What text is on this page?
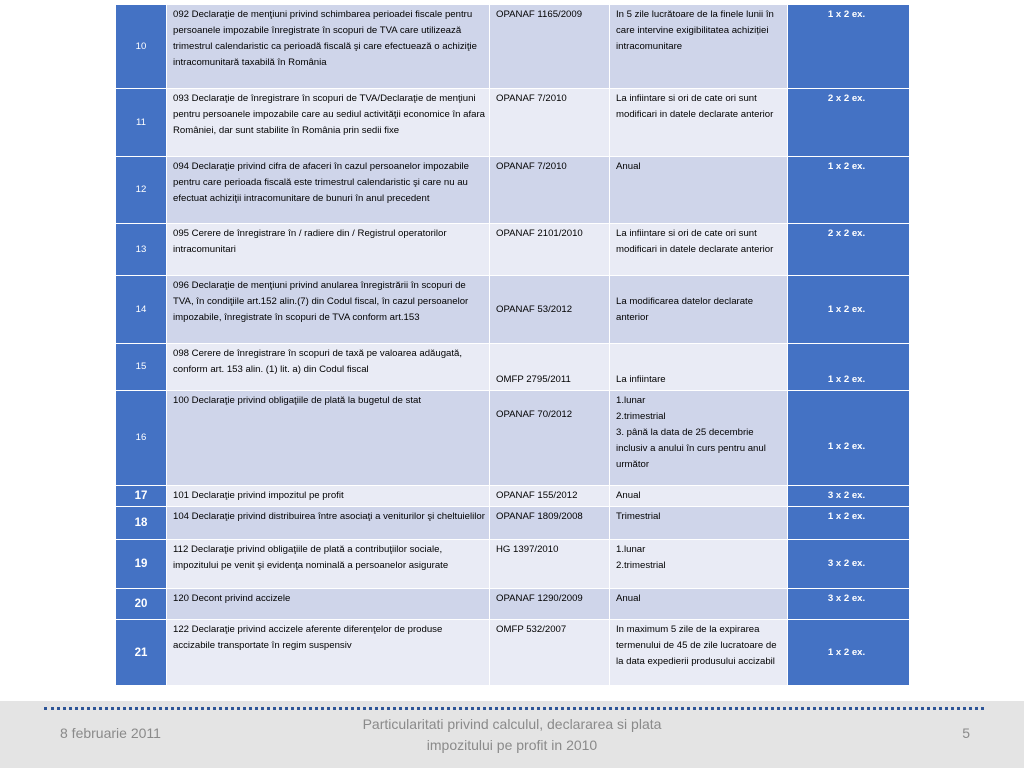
10	092 Declaraţie de menţiuni privind schimbarea perioadei fiscale pentru persoanele impozabile înregistrate în scopuri de TVA care utilizează trimestrul calendaristic ca perioadă fiscală şi care efectuează o achiziţie intracomunitară taxabilă în România	OPANAF 1165/2009	In 5 zile lucrătoare de la finele lunii în care intervine exigibilitatea achiziției intracomunitare	1 x 2 ex.
11	093 Declaraţie de înregistrare în scopuri de TVA/Declaraţie de menţiuni pentru persoanele impozabile care au sediul activităţii economice în afara României, dar sunt stabilite în România prin sedii fixe	OPANAF 7/2010	La infiintare si ori de cate ori sunt modificari in datele declarate anterior	2 x 2 ex.
12	094 Declaraţie privind cifra de afaceri în cazul persoanelor impozabile pentru care perioada fiscală este trimestrul calendaristic şi care nu au efectuat achiziţii intracomunitare de bunuri în anul precedent	OPANAF 7/2010	Anual	1 x 2 ex.
13	095 Cerere de înregistrare în / radiere din / Registrul operatorilor intracomunitari	OPANAF 2101/2010	La infiintare si ori de cate ori sunt modificari in datele declarate anterior	2 x 2 ex.
14	096 Declaraţie de menţiuni privind anularea înregistrării în scopuri de TVA, în condiţiile art.152 alin.(7) din Codul fiscal, în cazul persoanelor impozabile, înregistrate în scopuri de TVA conform art.153	OPANAF 53/2012	La modificarea datelor declarate anterior	1 x 2 ex.
15	098 Cerere de înregistrare în scopuri de taxă pe valoarea adăugată, conform art. 153 alin. (1) lit. a) din Codul fiscal	OMFP 2795/2011	La infiintare	1 x 2 ex.
16	100 Declaraţie privind obligaţiile de plată la bugetul de stat	OPANAF 70/2012	1.lunar
2.trimestrial
3. până la data de 25 decembrie inclusiv a anului în curs pentru anul următor	1 x 2 ex.
17	101 Declaraţie privind impozitul pe profit	OPANAF 155/2012	Anual	3 x 2 ex.
18	104 Declaraţie privind distribuirea între asociaţi a veniturilor şi cheltuielilor	OPANAF 1809/2008	Trimestrial	1 x 2 ex.
19	112 Declaraţie privind obligaţiile de plată a contribuţiilor sociale, impozitului pe venit şi evidenţa nominală a persoanelor asigurate	HG 1397/2010	1.lunar
2.trimestrial	3 x 2 ex.
20	120 Decont privind accizele	OPANAF 1290/2009	Anual	3 x 2 ex.
21	122 Declaraţie privind accizele aferente diferenţelor de produse accizabile transportate în regim suspensiv	OMFP 532/2007	In maximum 5 zile de la expirarea termenului de 45 de zile lucratoare de la data expedierii produsului accizabil	1 x 2 ex.
8 februarie 2011
Particularitati privind calculul, declararea si plata impozitului pe profit in 2010
5
